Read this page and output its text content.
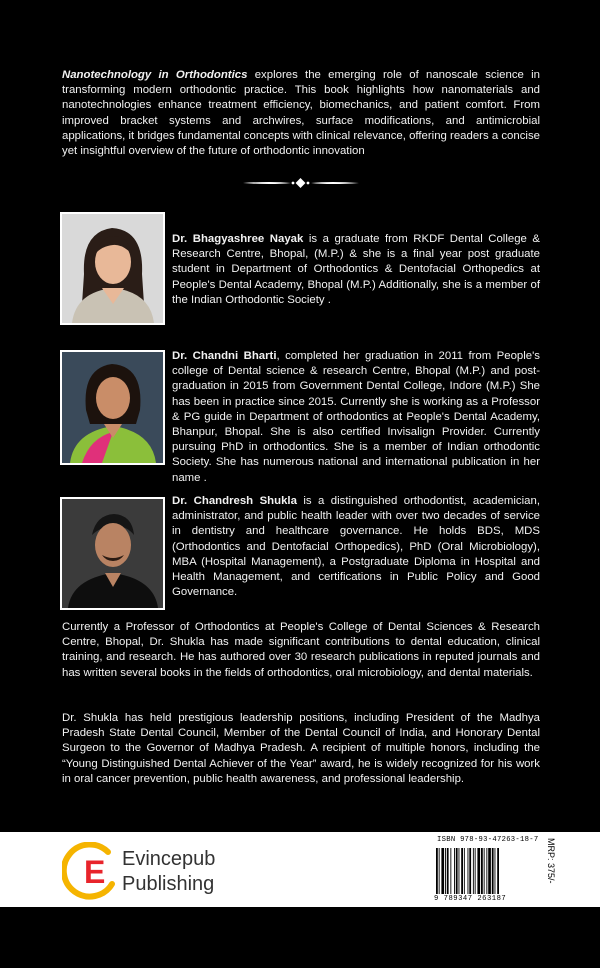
Nanotechnology in Orthodontics explores the emerging role of nanoscale science in transforming modern orthodontic practice. This book highlights how nanomaterials and nanotechnologies enhance treatment efficiency, biomechanics, and patient comfort. From improved bracket systems and archwires, surface modifications, and antimicrobial applications, it bridges fundamental concepts with clinical relevance, offering readers a concise yet insightful overview of the future of orthodontic innovation
Dr. Bhagyashree Nayak is a graduate from RKDF Dental College & Research Centre, Bhopal, (M.P.) & she is a final year post graduate student in Department of Orthodontics & Dentofacial Orthopedics at People's Dental Academy, Bhopal (M.P.) Additionally, she is a member of the Indian Orthodontic Society .
Dr. Chandni Bharti, completed her graduation in 2011 from People's college of Dental science & research Centre, Bhopal (M.P.) and post-graduation in 2015 from Government Dental College, Indore (M.P.) She has been in practice since 2015. Currently she is working as a Professor & PG guide in Department of orthodontics at People's Dental Academy, Bhanpur, Bhopal. She is also certified Invisalign Provider. Currently pursuing PhD in orthodontics. She is a member of Indian orthodontic Society. She has numerous national and international publication in her name .
Dr. Chandresh Shukla is a distinguished orthodontist, academician, administrator, and public health leader with over two decades of service in dentistry and healthcare governance. He holds BDS, MDS (Orthodontics and Dentofacial Orthopedics), PhD (Oral Microbiology), MBA (Hospital Management), a Postgraduate Diploma in Hospital and Health Management, and certifications in Public Policy and Good Governance.
Currently a Professor of Orthodontics at People's College of Dental Sciences & Research Centre, Bhopal, Dr. Shukla has made significant contributions to dental education, clinical training, and research. He has authored over 30 research publications in reputed journals and has written several books in the fields of orthodontics, oral microbiology, and dental materials.
Dr. Shukla has held prestigious leadership positions, including President of the Madhya Pradesh State Dental Council, Member of the Dental Council of India, and Honorary Dental Surgeon to the Governor of Madhya Pradesh. A recipient of multiple honors, including the “Young Distinguished Dental Achiever of the Year” award, he is widely recognized for his work in oral cancer prevention, public health awareness, and professional leadership.
E Evincepub
Publishing
ISBN 978-93-47263-18-7
9 789347 263187
MRP: 375/-
